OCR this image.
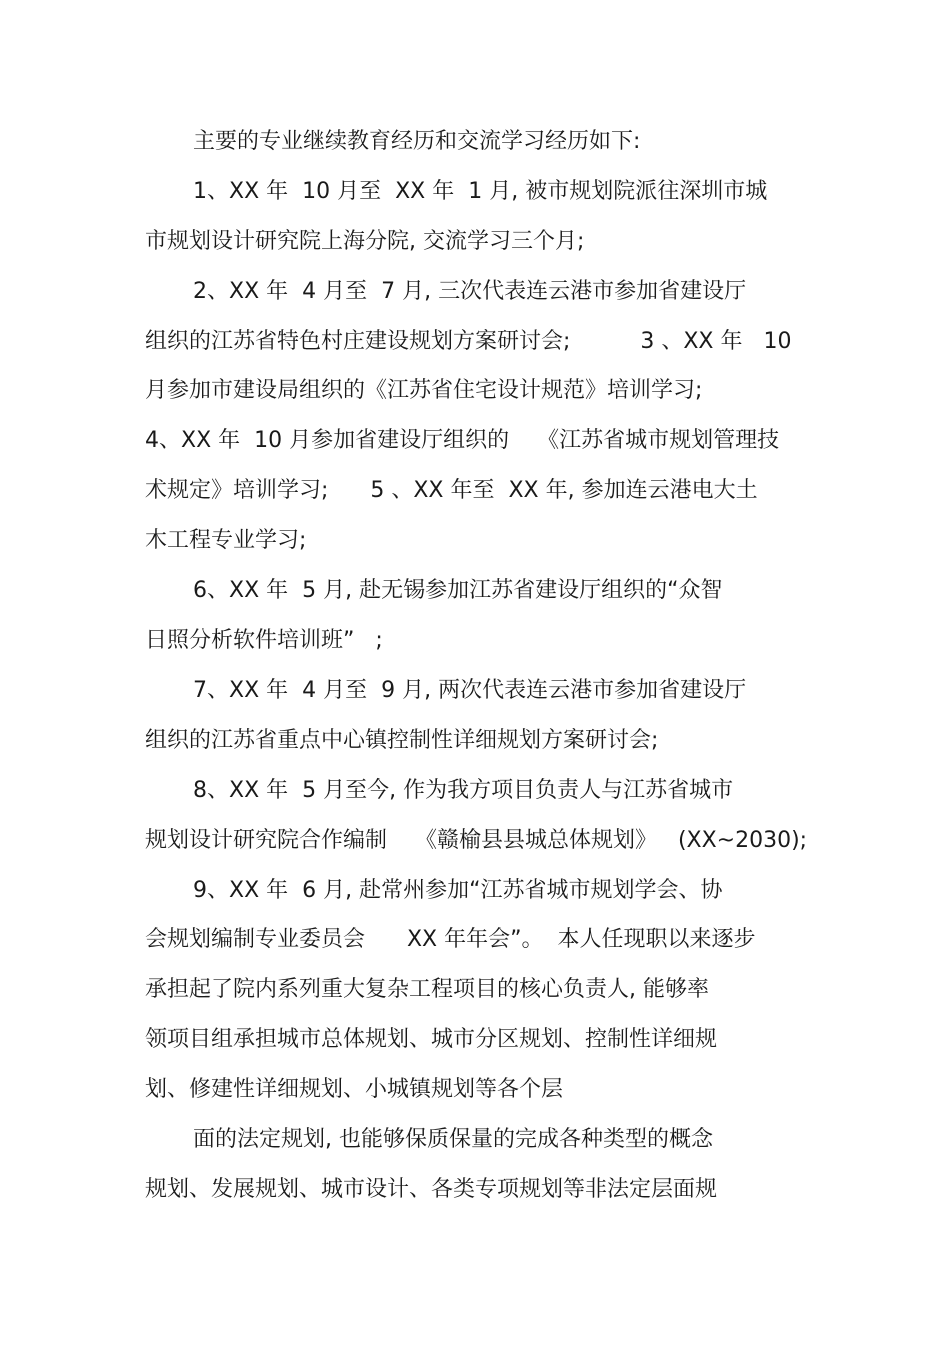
主要的专业继续教育经历和交流学习经历如下:
1、XX 年  10 月至  XX 年  1 月, 被市规划院派往深圳市城
市规划设计研究院上海分院, 交流学习三个月;
2、XX 年  4 月至  7 月, 三次代表连云港市参加省建设厅
组织的江苏省特色村庄建设规划方案研讨会;          3 、XX 年   10
月参加市建设局组织的《江苏省住宅设计规范》培训学习;
4、XX 年  10 月参加省建设厅组织的    《江苏省城市规划管理技
术规定》培训学习;      5 、XX 年至  XX 年, 参加连云港电大土
木工程专业学习;
6、XX 年  5 月, 赴无锡参加江苏省建设厅组织的“众智
日照分析软件培训班”   ;
7、XX 年  4 月至  9 月, 两次代表连云港市参加省建设厅
组织的江苏省重点中心镇控制性详细规划方案研讨会;
8、XX 年  5 月至今, 作为我方项目负责人与江苏省城市
规划设计研究院合作编制    《赣榆县县城总体规划》   (XX~2030);
9、XX 年  6 月, 赴常州参加“江苏省城市规划学会、协
会规划编制专业委员会      XX 年年会”。  本人任现职以来逐步
承担起了院内系列重大复杂工程项目的核心负责人, 能够率
领项目组承担城市总体规划、城市分区规划、控制性详细规
划、修建性详细规划、小城镇规划等各个层
面的法定规划, 也能够保质保量的完成各种类型的概念
规划、发展规划、城市设计、各类专项规划等非法定层面规
